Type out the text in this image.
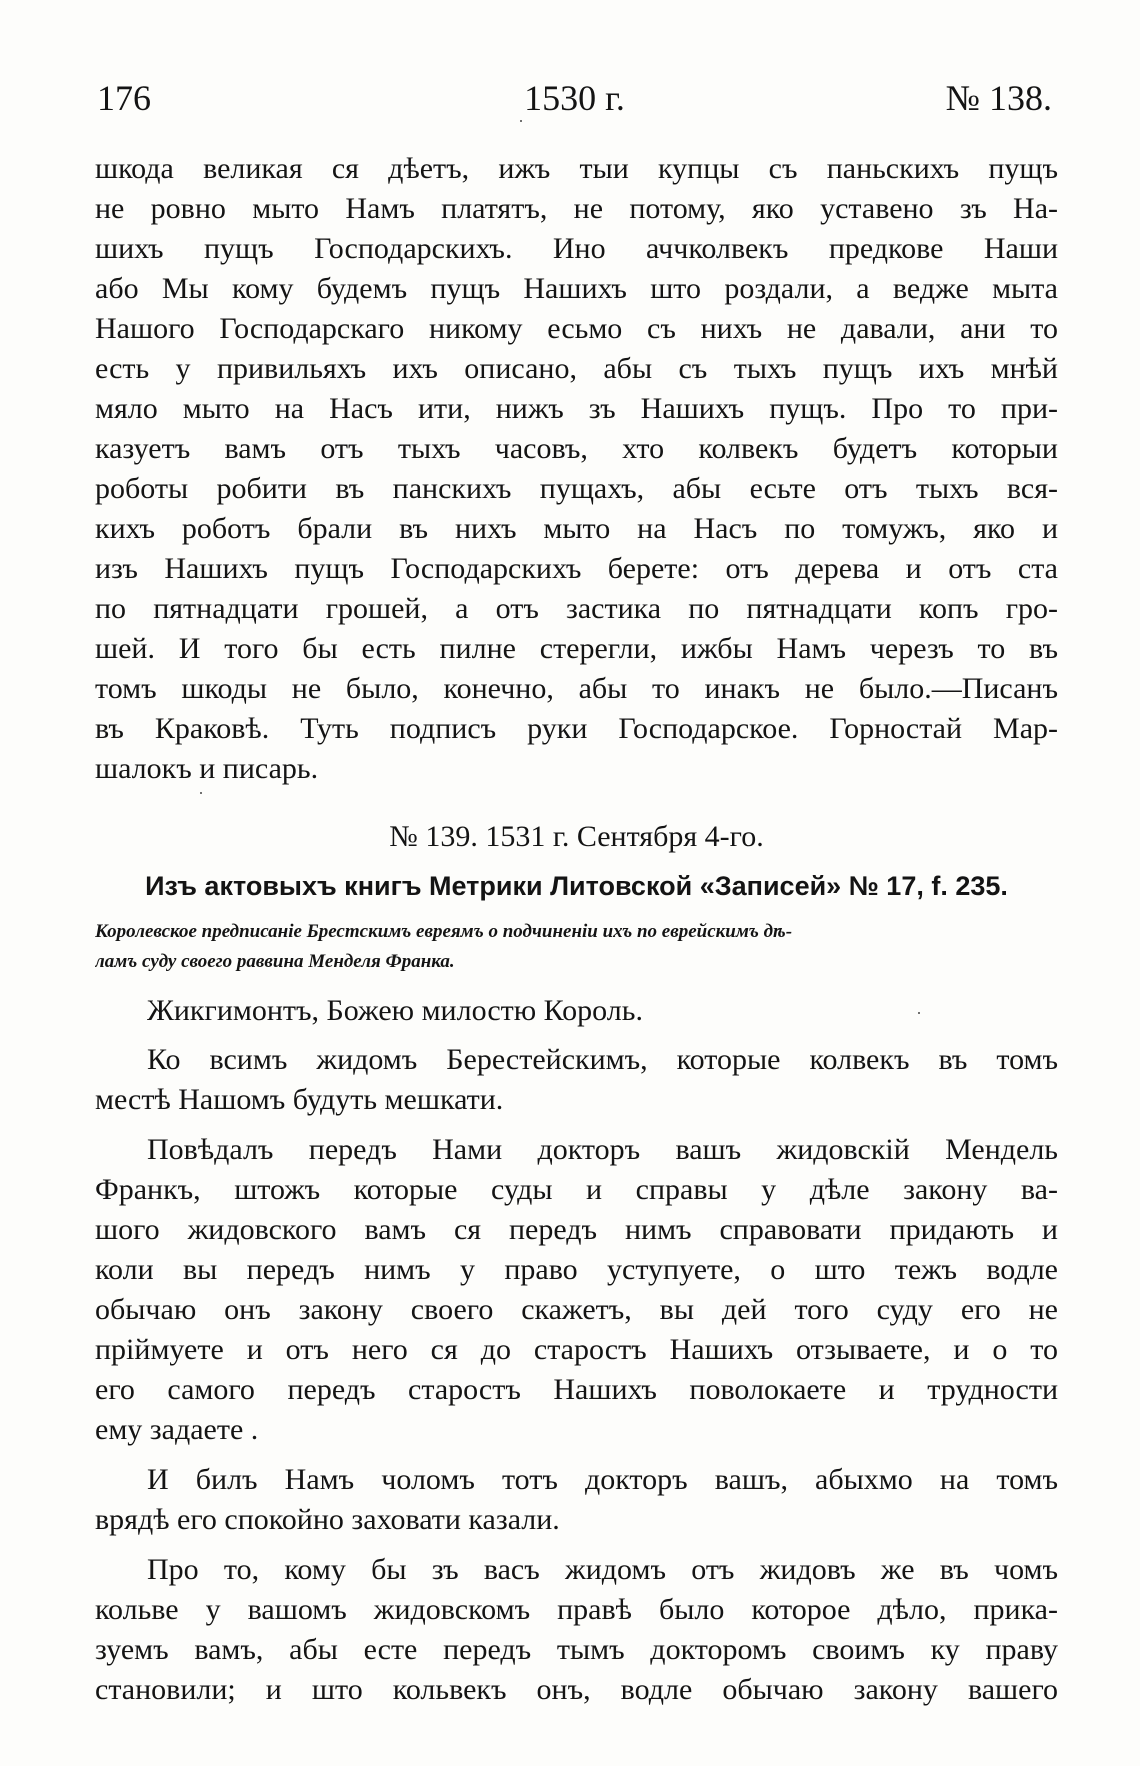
176	1530 г.	№ 138.
шкода великая ся дѣетъ, ижъ тыи купцы съ паньскихъ пущъ
не ровно мыто Намъ платятъ, не потому, яко уставено зъ На-
шихъ пущъ Господарскихъ. Ино аччколвекъ предкове Наши
або Мы кому будемъ пущъ Нашихъ што роздали, а ведже мыта
Нашого Господарскаго никому есьмо съ нихъ не давали, ани то
есть у привильяхъ ихъ описано, абы съ тыхъ пущъ ихъ мнѣй
мяло мыто на Насъ ити, нижъ зъ Нашихъ пущъ. Про то при-
казуетъ вамъ отъ тыхъ часовъ, хто колвекъ будетъ которыи
роботы робити въ панскихъ пущахъ, абы есьте отъ тыхъ вся-
кихъ роботъ брали въ нихъ мыто на Насъ по томужъ, яко и
изъ Нашихъ пущъ Господарскихъ берете: отъ дерева и отъ ста
по пятнадцати грошей, а отъ застика по пятнадцати копъ гро-
шей. И того бы есть пилне стерегли, ижбы Намъ черезъ то въ
томъ шкоды не было, конечно, абы то инакъ не было.—Писанъ
въ Краковѣ. Туть подписъ руки Господарское. Горностай Мар-
шалокъ и писарь.
№ 139. 1531 г. Сентября 4-го.
Изъ актовыхъ книгъ Метрики Литовской «Записей» № 17, f. 235.
Королевское предписаніе Брестскимъ евреямъ о подчиненіи ихъ по еврейскимъ дѣ-
ламъ суду своего раввина Менделя Франка.
Жикгимонтъ, Божею милостю Король.
Ко всимъ жидомъ Берестейскимъ, которые колвекъ въ томъ
местѣ Нашомъ будуть мешкати.
Повѣдалъ передъ Нами докторъ вашъ жидовскій Мендель
Франкъ, штожъ которые суды и справы у дѣле закону ва-
шого жидовского вамъ ся передъ нимъ справовати придають и
коли вы передъ нимъ у право уступуете, о што тежъ водле
обычаю онъ закону своего скажетъ, вы дей того суду его не
пріймуете и отъ него ся до старостъ Нашихъ отзываете, и о то
его самого передъ старостъ Нашихъ поволокаете и трудности
ему задаете .
И билъ Намъ чоломъ тотъ докторъ вашъ, абыхмо на томъ
врядѣ его спокойно заховати казали.
Про то, кому бы зъ васъ жидомъ отъ жидовъ же въ чомъ
кольве у вашомъ жидовскомъ правѣ было которое дѣло, прика-
зуемъ вамъ, абы есте передъ тымъ докторомъ своимъ ку праву
становили; и што кольвекъ онъ, водле обычаю закону вашего
